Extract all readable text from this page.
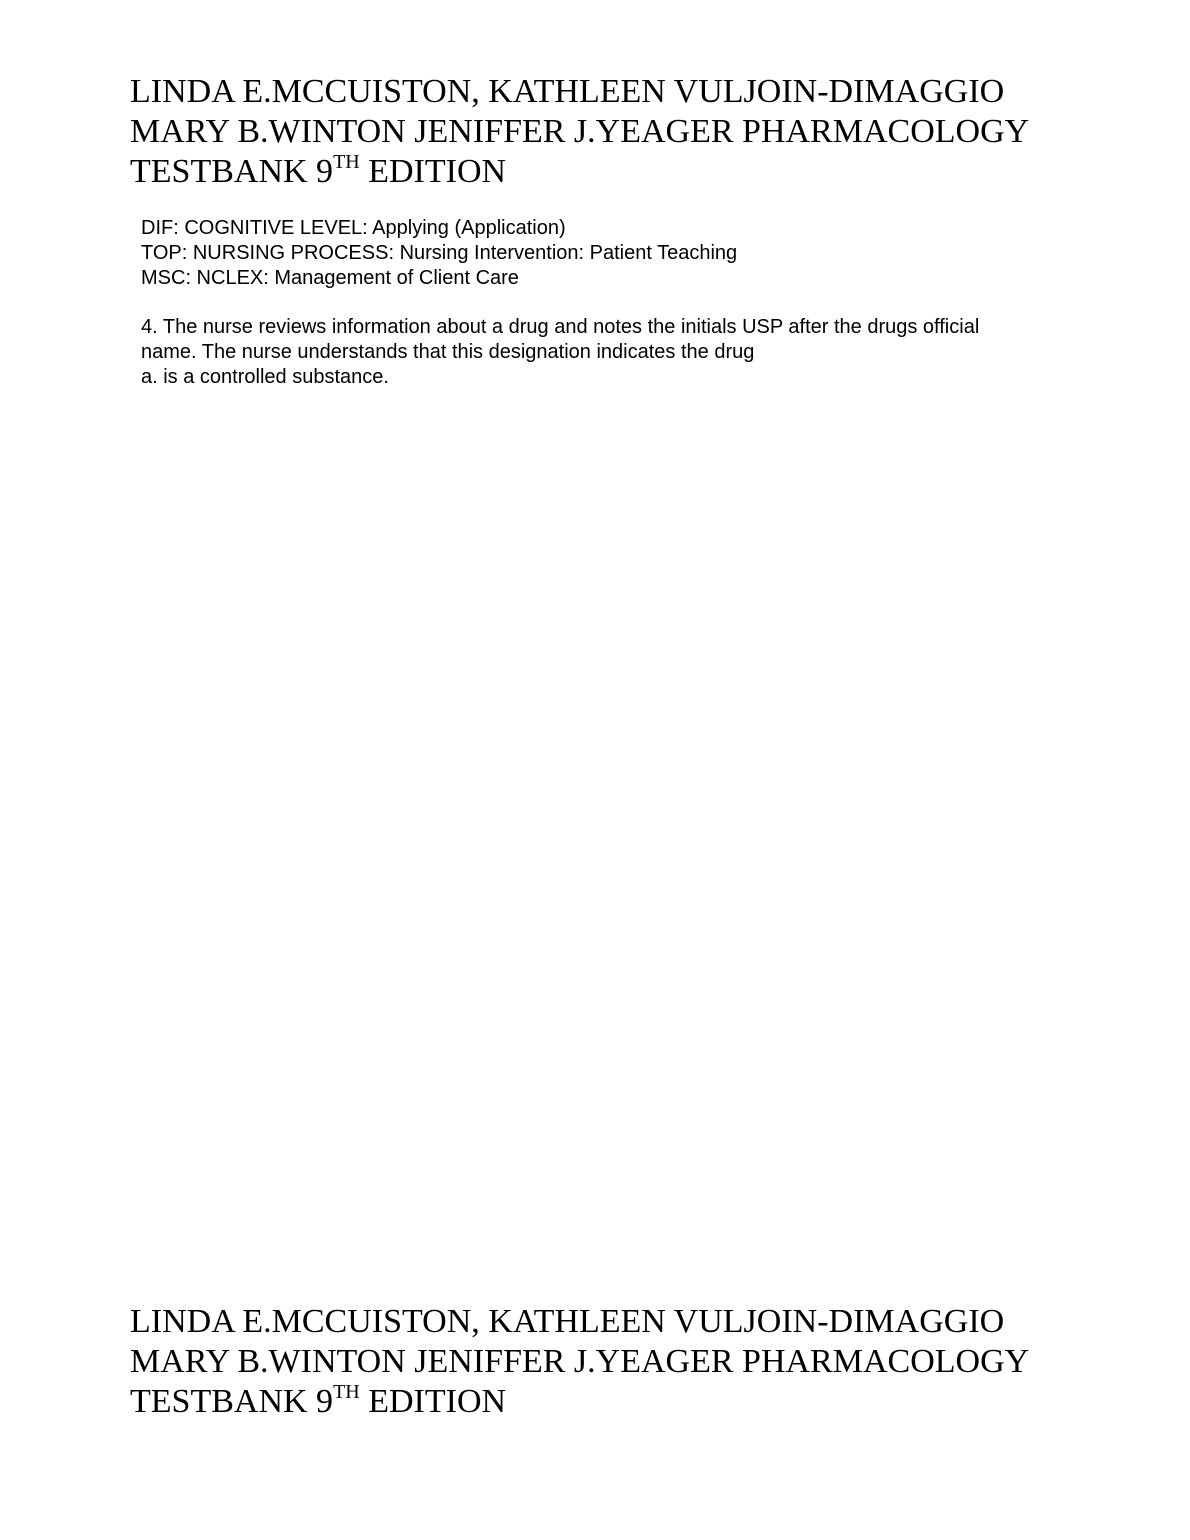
LINDA E.MCCUISTON, KATHLEEN VULJOIN-DIMAGGIO
MARY B.WINTON JENIFFER J.YEAGER PHARMACOLOGY
TESTBANK 9TH EDITION
DIF: COGNITIVE LEVEL: Applying (Application)
TOP: NURSING PROCESS: Nursing Intervention: Patient Teaching
MSC: NCLEX: Management of Client Care
4. The nurse reviews information about a drug and notes the initials USP after the drugs official
name. The nurse understands that this designation indicates the drug
a. is a controlled substance.
LINDA E.MCCUISTON, KATHLEEN VULJOIN-DIMAGGIO
MARY B.WINTON JENIFFER J.YEAGER PHARMACOLOGY
TESTBANK 9TH EDITION
